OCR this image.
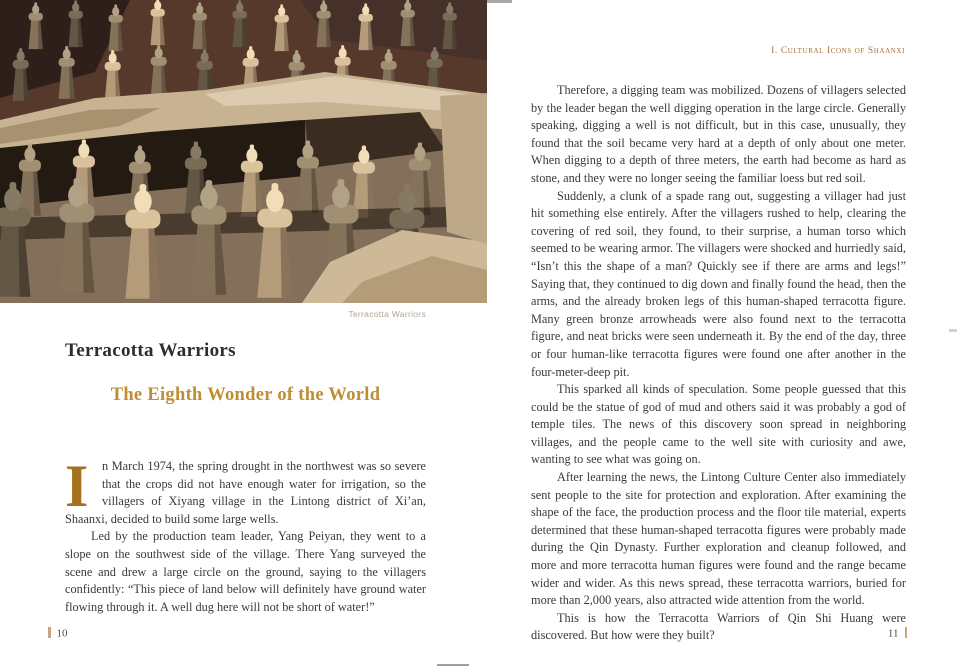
Terracotta Warriors
Terracotta Warriors
The Eighth Wonder of the World

I	n March 1974, the spring drought in the northwest was so severe that the crops did not have enough water for irrigation, so the villagers of Xiyang village in the Lintong district of Xi’an, Shaanxi, decided to build some large wells.

Led by the production team leader, Yang Peiyan, they went to a slope on the southwest side of the village. There Yang surveyed the scene and drew a large circle on the ground, saying to the villagers confidently: “This piece of land below will definitely have ground water flowing through it. A well dug here will not be short of water!”

10
I. Cultural Icons of Shaanxi

Therefore, a digging team was mobilized. Dozens of villagers selected by the leader began the well digging operation in the large circle. Generally speaking, digging a well is not difficult, but in this case, unusually, they found that the soil became very hard at a depth of only about one meter. When digging to a depth of three meters, the earth had become as hard as stone, and they were no longer seeing the familiar loess but red soil.

Suddenly, a clunk of a spade rang out, suggesting a villager had just hit something else entirely. After the villagers rushed to help, clearing the covering of red soil, they found, to their surprise, a human torso which seemed to be wearing armor. The villagers were shocked and hurriedly said, “Isn’t this the shape of a man? Quickly see if there are arms and legs!” Saying that, they continued to dig down and finally found the head, then the arms, and the already broken legs of this human-shaped terracotta figure. Many green bronze arrowheads were also found next to the terracotta figure, and neat bricks were seen underneath it. By the end of the day, three or four human-like terracotta figures were found one after another in the four-meter-deep pit.

This sparked all kinds of speculation. Some people guessed that this could be the statue of god of mud and others said it was probably a god of temple tiles. The news of this discovery soon spread in neighboring villages, and the people came to the well site with curiosity and awe, wanting to see what was going on.

After learning the news, the Lintong Culture Center also immediately sent people to the site for protection and exploration. After examining the shape of the face, the production process and the floor tile material, experts determined that these human-shaped terracotta figures were probably made during the Qin Dynasty. Further exploration and cleanup followed, and more and more terracotta human figures were found and the range became wider and wider. As this news spread, these terracotta warriors, buried for more than 2,000 years, also attracted wide attention from the world.

This is how the Terracotta Warriors of Qin Shi Huang were discovered. But how were they built?	11
